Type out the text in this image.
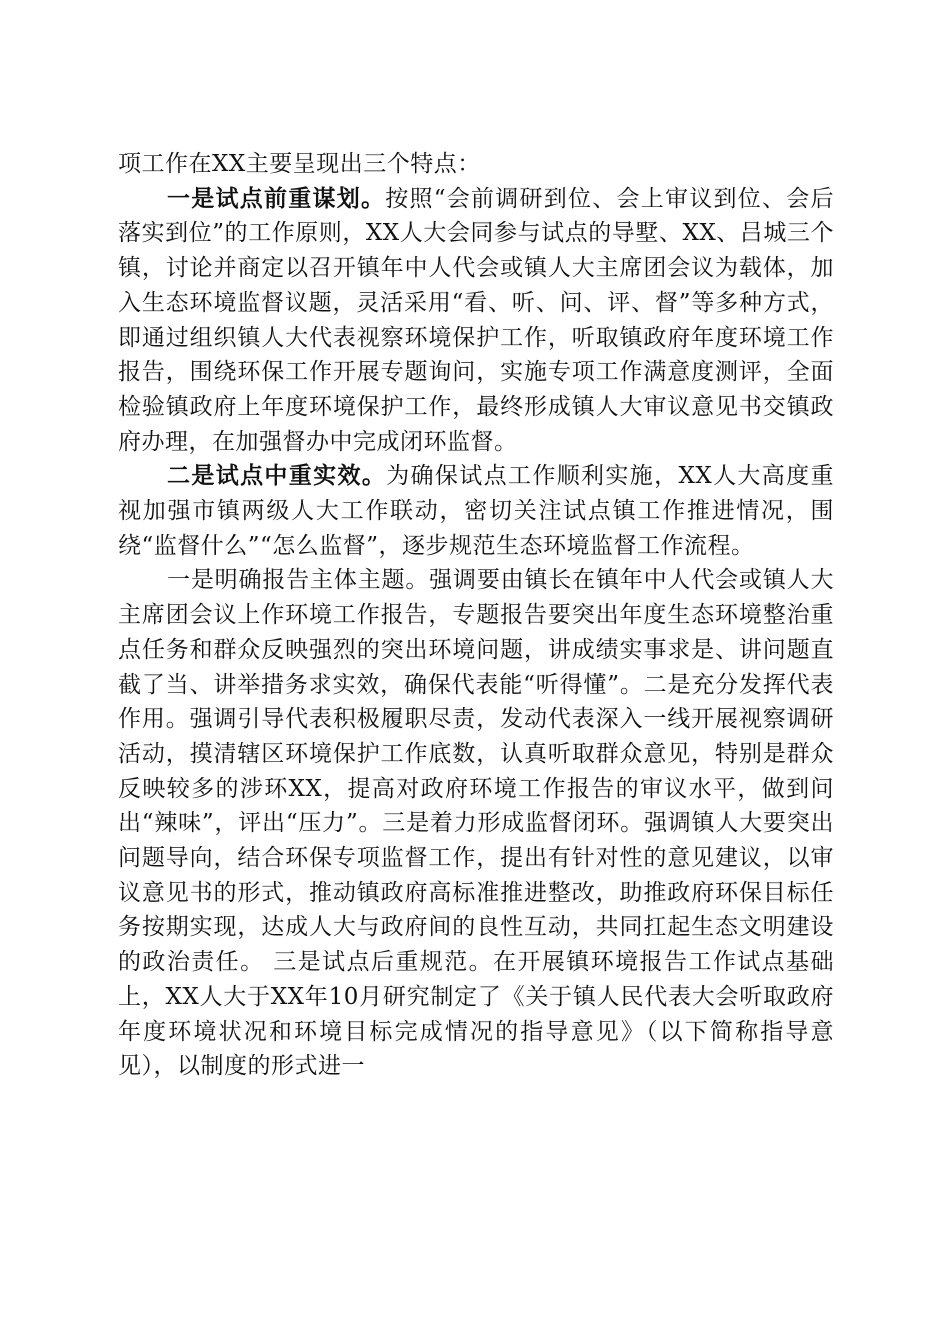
项工作在XX主要呈现出三个特点：

一是试点前重谋划。按照“会前调研到位、会上审议到位、会后落实到位”的工作原则，XX人大会同参与试点的导墅、XX、吕城三个镇，讨论并商定以召开镇年中人代会或镇人大主席团会议为载体，加入生态环境监督议题，灵活采用“看、听、问、评、督”等多种方式，即通过组织镇人大代表视察环境保护工作，听取镇政府年度环境工作报告，围绕环保工作开展专题询问，实施专项工作满意度测评，全面检验镇政府上年度环境保护工作，最终形成镇人大审议意见书交镇政府办理，在加强督办中完成闭环监督。

二是试点中重实效。为确保试点工作顺利实施，XX人大高度重视加强市镇两级人大工作联动，密切关注试点镇工作推进情况，围绕“监督什么”“怎么监督”，逐步规范生态环境监督工作流程。

一是明确报告主体主题。强调要由镇长在镇年中人代会或镇人大主席团会议上作环境工作报告，专题报告要突出年度生态环境整治重点任务和群众反映强烈的突出环境问题，讲成绩实事求是、讲问题直截了当、讲举措务求实效，确保代表能“听得懂”。二是充分发挥代表作用。强调引导代表积极履职尽责，发动代表深入一线开展视察调研活动，摸清辖区环境保护工作底数，认真听取群众意见，特别是群众反映较多的涉环XX，提高对政府环境工作报告的审议水平，做到问出“辣味”，评出“压力”。三是着力形成监督闭环。强调镇人大要突出问题导向，结合环保专项监督工作，提出有针对性的意见建议，以审议意见书的形式，推动镇政府高标准推进整改，助推政府环保目标任务按期实现，达成人大与政府间的良性互动，共同扛起生态文明建设的政治责任。 三是试点后重规范。在开展镇环境报告工作试点基础上，XX人大于XX年10月研究制定了《关于镇人民代表大会听取政府年度环境状况和环境目标完成情况的指导意见》（以下简称指导意见），以制度的形式进一
